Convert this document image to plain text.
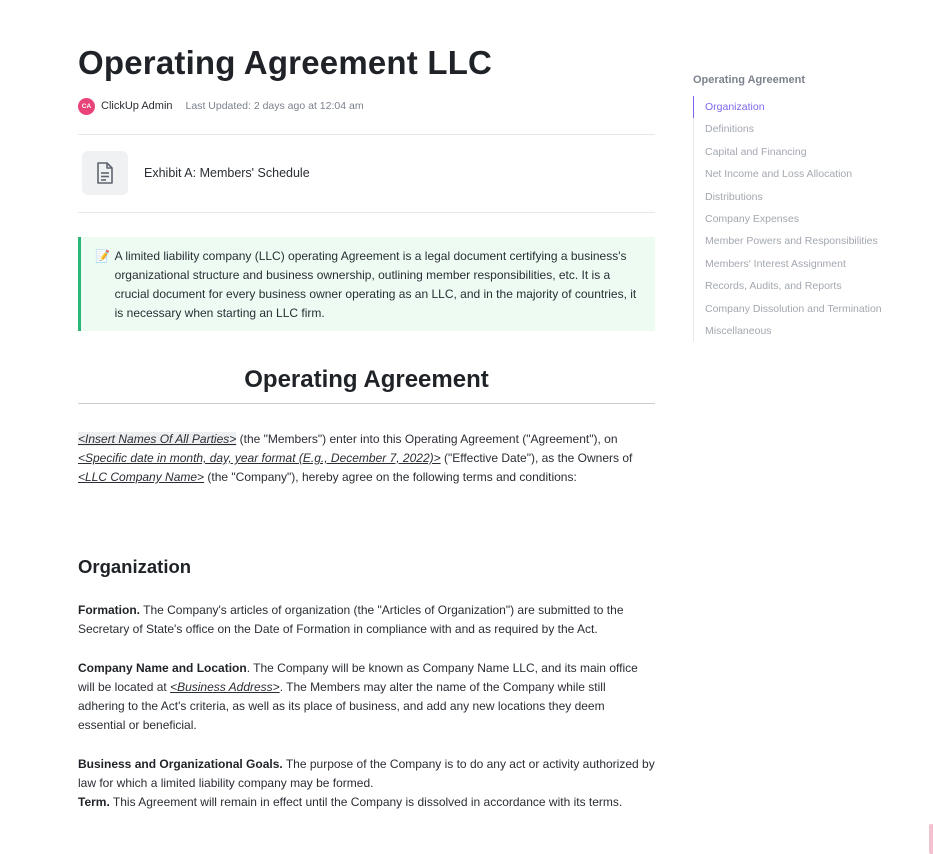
Operating Agreement LLC
CA ClickUp Admin Last Updated: 2 days ago at 12:04 am
Exhibit A: Members' Schedule
📝 A limited liability company (LLC) operating Agreement is a legal document certifying a business's organizational structure and business ownership, outlining member responsibilities, etc. It is a crucial document for every business owner operating as an LLC, and in the majority of countries, it is necessary when starting an LLC firm.

Operating Agreement

<Insert Names Of All Parties> (the "Members") enter into this Operating Agreement ("Agreement"), on <Specific date in month, day, year format (E.g., December 7, 2022)> ("Effective Date"), as the Owners of <LLC Company Name> (the "Company"), hereby agree on the following terms and conditions:

Organization

Formation. The Company's articles of organization (the "Articles of Organization") are submitted to the Secretary of State's office on the Date of Formation in compliance with and as required by the Act.

Company Name and Location. The Company will be known as Company Name LLC, and its main office will be located at <Business Address>. The Members may alter the name of the Company while still adhering to the Act's criteria, as well as its place of business, and add any new locations they deem essential or beneficial.

Business and Organizational Goals. The purpose of the Company is to do any act or activity authorized by law for which a limited liability company may be formed.

Term. This Agreement will remain in effect until the Company is dissolved in accordance with its terms.

Operating Agreement
Organization
Definitions
Capital and Financing
Net Income and Loss Allocation
Distributions
Company Expenses
Member Powers and Responsibilities
Members' Interest Assignment
Records, Audits, and Reports
Company Dissolution and Termination
Miscellaneous
